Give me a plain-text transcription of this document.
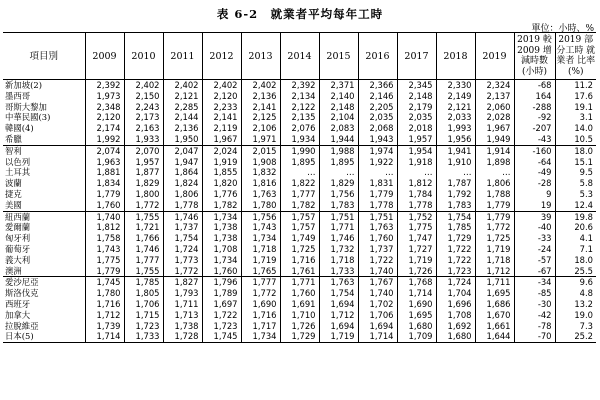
表 6-2　就業者平均每年工時
單位：小時、%
項目別	2009	2010	2011	2012	2013	2014	2015	2016	2017	2018	2019	2019 較 2009 增減時數 (小時)	2019 部分工時 就業者 比率(%)
新加坡(2)	2,392	2,402	2,402	2,402	2,402	2,392	2,371	2,366	2,345	2,330	2,324	-68	11.2
墨西哥	1,973	2,150	2,121	2,120	2,136	2,134	2,140	2,146	2,148	2,149	2,137	164	17.6
哥斯大黎加	2,348	2,243	2,285	2,233	2,141	2,122	2,148	2,205	2,179	2,121	2,060	-288	19.1
中華民國(3)	2,120	2,173	2,144	2,141	2,125	2,135	2,104	2,035	2,035	2,033	2,028	-92	3.1
韓國(4)	2,174	2,163	2,136	2,119	2,106	2,076	2,083	2,068	2,018	1,993	1,967	-207	14.0
希臘	1,992	1,933	1,950	1,967	1,971	1,934	1,944	1,943	1,957	1,956	1,949	-43	10.5
智利	2,074	2,070	2,047	2,024	2,015	1,990	1,988	1,974	1,954	1,941	1,914	-160	18.0
以色列	1,963	1,957	1,947	1,919	1,908	1,895	1,895	1,922	1,918	1,910	1,898	-64	15.1
土耳其	1,881	1,877	1,864	1,855	1,832	…	…	…	…	…	…	-49	9.5
波蘭	1,834	1,829	1,824	1,820	1,816	1,822	1,829	1,831	1,812	1,787	1,806	-28	5.8
捷克	1,779	1,800	1,806	1,776	1,763	1,777	1,756	1,779	1,784	1,792	1,788	9	5.3
美國	1,760	1,772	1,778	1,782	1,780	1,782	1,783	1,778	1,778	1,783	1,779	19	12.4
紐西蘭	1,740	1,755	1,746	1,734	1,756	1,757	1,751	1,751	1,752	1,754	1,779	39	19.8
愛爾蘭	1,812	1,721	1,737	1,738	1,743	1,757	1,771	1,763	1,775	1,785	1,772	-40	20.6
匈牙利	1,758	1,766	1,754	1,738	1,734	1,749	1,746	1,760	1,747	1,729	1,725	-33	4.1
葡萄牙	1,743	1,746	1,724	1,708	1,718	1,725	1,732	1,737	1,727	1,722	1,719	-24	7.1
義大利	1,775	1,777	1,773	1,734	1,719	1,716	1,718	1,722	1,719	1,722	1,718	-57	18.0
澳洲	1,779	1,755	1,772	1,760	1,765	1,761	1,733	1,740	1,726	1,723	1,712	-67	25.5
愛沙尼亞	1,745	1,785	1,827	1,796	1,777	1,771	1,763	1,767	1,768	1,724	1,711	-34	9.6
斯洛伐克	1,780	1,805	1,793	1,789	1,772	1,760	1,754	1,740	1,714	1,704	1,695	-85	4.8
西班牙	1,716	1,706	1,711	1,697	1,690	1,691	1,694	1,702	1,690	1,696	1,686	-30	13.2
加拿大	1,712	1,715	1,713	1,722	1,716	1,710	1,712	1,706	1,695	1,708	1,670	-42	19.0
拉脫維亞	1,739	1,723	1,738	1,723	1,717	1,726	1,694	1,694	1,680	1,692	1,661	-78	7.3
日本(5)	1,714	1,733	1,728	1,745	1,734	1,729	1,719	1,714	1,709	1,680	1,644	-70	25.2
